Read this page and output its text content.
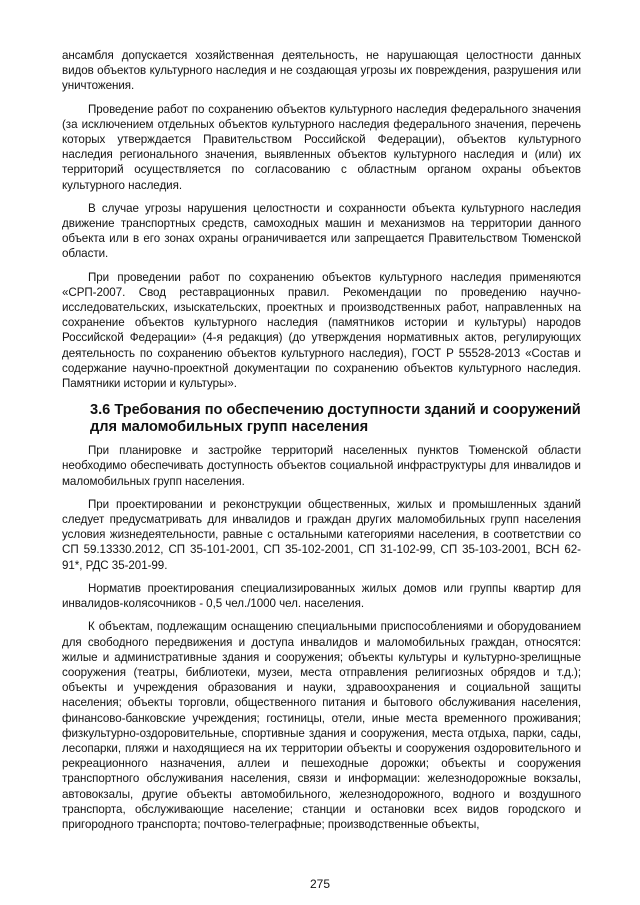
ансамбля допускается хозяйственная деятельность, не нарушающая целостности данных видов объектов культурного наследия и не создающая угрозы их повреждения, разрушения или уничтожения.

Проведение работ по сохранению объектов культурного наследия федерального значения (за исключением отдельных объектов культурного наследия федерального значения, перечень которых утверждается Правительством Российской Федерации), объектов культурного наследия регионального значения, выявленных объектов культурного наследия и (или) их территорий осуществляется по согласованию с областным органом охраны объектов культурного наследия.

В случае угрозы нарушения целостности и сохранности объекта культурного наследия движение транспортных средств, самоходных машин и механизмов на территории данного объекта или в его зонах охраны ограничивается или запрещается Правительством Тюменской области.

При проведении работ по сохранению объектов культурного наследия применяются «СРП-2007. Свод реставрационных правил. Рекомендации по проведению научно-исследовательских, изыскательских, проектных и производственных работ, направленных на сохранение объектов культурного наследия (памятников истории и культуры) народов Российской Федерации» (4-я редакция) (до утверждения нормативных актов, регулирующих деятельность по сохранению объектов культурного наследия), ГОСТ Р 55528-2013 «Состав и содержание научно-проектной документации по сохранению объектов культурного наследия. Памятники истории и культуры».

3.6 Требования по обеспечению доступности зданий и сооружений для маломобильных групп населения

При планировке и застройке территорий населенных пунктов Тюменской области необходимо обеспечивать доступность объектов социальной инфраструктуры для инвалидов и маломобильных групп населения.

При проектировании и реконструкции общественных, жилых и промышленных зданий следует предусматривать для инвалидов и граждан других маломобильных групп населения условия жизнедеятельности, равные с остальными категориями населения, в соответствии со СП 59.13330.2012, СП 35-101-2001, СП 35-102-2001, СП 31-102-99, СП 35-103-2001, ВСН 62-91*, РДС 35-201-99.

Норматив проектирования специализированных жилых домов или группы квартир для инвалидов-колясочников - 0,5 чел./1000 чел. населения.

К объектам, подлежащим оснащению специальными приспособлениями и оборудованием для свободного передвижения и доступа инвалидов и маломобильных граждан, относятся: жилые и административные здания и сооружения; объекты культуры и культурно-зрелищные сооружения (театры, библиотеки, музеи, места отправления религиозных обрядов и т.д.); объекты и учреждения образования и науки, здравоохранения и социальной защиты населения; объекты торговли, общественного питания и бытового обслуживания населения, финансово-банковские учреждения; гостиницы, отели, иные места временного проживания; физкультурно-оздоровительные, спортивные здания и сооружения, места отдыха, парки, сады, лесопарки, пляжи и находящиеся на их территории объекты и сооружения оздоровительного и рекреационного назначения, аллеи и пешеходные дорожки; объекты и сооружения транспортного обслуживания населения, связи и информации: железнодорожные вокзалы, автовокзалы, другие объекты автомобильного, железнодорожного, водного и воздушного транспорта, обслуживающие население; станции и остановки всех видов городского и пригородного транспорта; почтово-телеграфные; производственные объекты,

275
